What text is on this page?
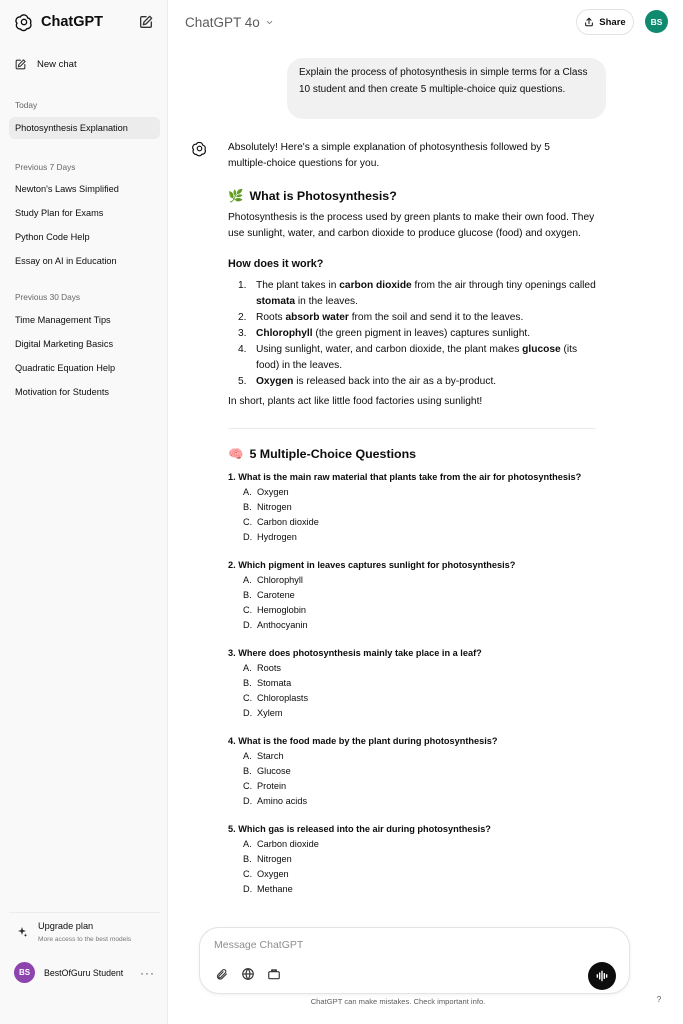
ChatGPT
New chat
Today
Photosynthesis Explanation
Previous 7 Days
Newton's Laws Simplified
Study Plan for Exams
Python Code Help
Essay on AI in Education
Previous 30 Days
Time Management Tips
Digital Marketing Basics
Quadratic Equation Help
Motivation for Students
Upgrade plan
More access to the best models
BS	BestOfGuru Student ···
ChatGPT 4o	Share	BS
Explain the process of photosynthesis in simple terms for a Class 10 student and then create 5 multiple-choice quiz questions.
Absolutely! Here's a simple explanation of photosynthesis followed by 5 multiple-choice questions for you.
🌿 What is Photosynthesis?
Photosynthesis is the process used by green plants to make their own food. They use sunlight, water, and carbon dioxide to produce glucose (food) and oxygen.
How does it work?
1. The plant takes in carbon dioxide from the air through tiny openings called stomata in the leaves.
2. Roots absorb water from the soil and send it to the leaves.
3. Chlorophyll (the green pigment in leaves) captures sunlight.
4. Using sunlight, water, and carbon dioxide, the plant makes glucose (its food) in the leaves.
5. Oxygen is released back into the air as a by-product.
In short, plants act like little food factories using sunlight!
🧠 5 Multiple-Choice Questions
1. What is the main raw material that plants take from the air for photosynthesis?
A. Oxygen
B. Nitrogen
C. Carbon dioxide
D. Hydrogen
2. Which pigment in leaves captures sunlight for photosynthesis?
A. Chlorophyll
B. Carotene
C. Hemoglobin
D. Anthocyanin
3. Where does photosynthesis mainly take place in a leaf?
A. Roots
B. Stomata
C. Chloroplasts
D. Xylem
4. What is the food made by the plant during photosynthesis?
A. Starch
B. Glucose
C. Protein
D. Amino acids
5. Which gas is released into the air during photosynthesis?
A. Carbon dioxide
B. Nitrogen
C. Oxygen
D. Methane
Message ChatGPT
ChatGPT can make mistakes. Check important info.	?
